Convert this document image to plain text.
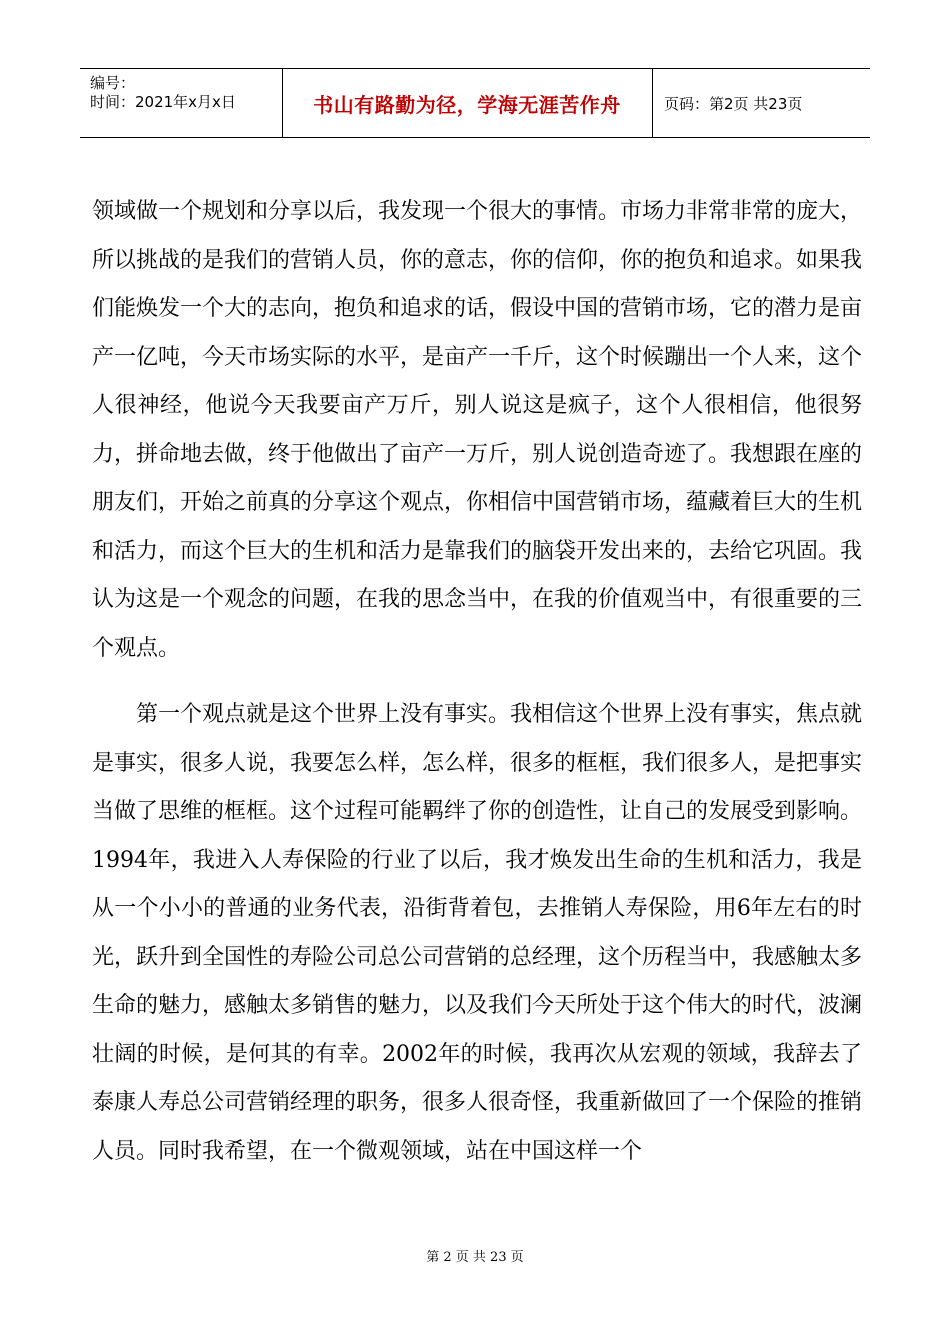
编号：
时间：2021年x月x日	书山有路勤为径，学海无涯苦作舟	页码：第2页 共23页

领域做一个规划和分享以后，我发现一个很大的事情。市场力非常非常的庞大，所以挑战的是我们的营销人员，你的意志，你的信仰，你的抱负和追求。如果我们能焕发一个大的志向，抱负和追求的话，假设中国的营销市场，它的潜力是亩产一亿吨，今天市场实际的水平，是亩产一千斤，这个时候蹦出一个人来，这个人很神经，他说今天我要亩产万斤，别人说这是疯子，这个人很相信，他很努力，拼命地去做，终于他做出了亩产一万斤，别人说创造奇迹了。我想跟在座的朋友们，开始之前真的分享这个观点，你相信中国营销市场，蕴藏着巨大的生机和活力，而这个巨大的生机和活力是靠我们的脑袋开发出来的，去给它巩固。我认为这是一个观念的问题，在我的思念当中，在我的价值观当中，有很重要的三个观点。

第一个观点就是这个世界上没有事实。我相信这个世界上没有事实，焦点就是事实，很多人说，我要怎么样，怎么样，很多的框框，我们很多人，是把事实当做了思维的框框。这个过程可能羁绊了你的创造性，让自己的发展受到影响。1994年，我进入人寿保险的行业了以后，我才焕发出生命的生机和活力，我是从一个小小的普通的业务代表，沿街背着包，去推销人寿保险，用6年左右的时光，跃升到全国性的寿险公司总公司营销的总经理，这个历程当中，我感触太多生命的魅力，感触太多销售的魅力，以及我们今天所处于这个伟大的时代，波澜壮阔的时候，是何其的有幸。2002年的时候，我再次从宏观的领域，我辞去了泰康人寿总公司营销经理的职务，很多人很奇怪，我重新做回了一个保险的推销人员。同时我希望，在一个微观领域，站在中国这样一个

第 2 页 共 23 页
